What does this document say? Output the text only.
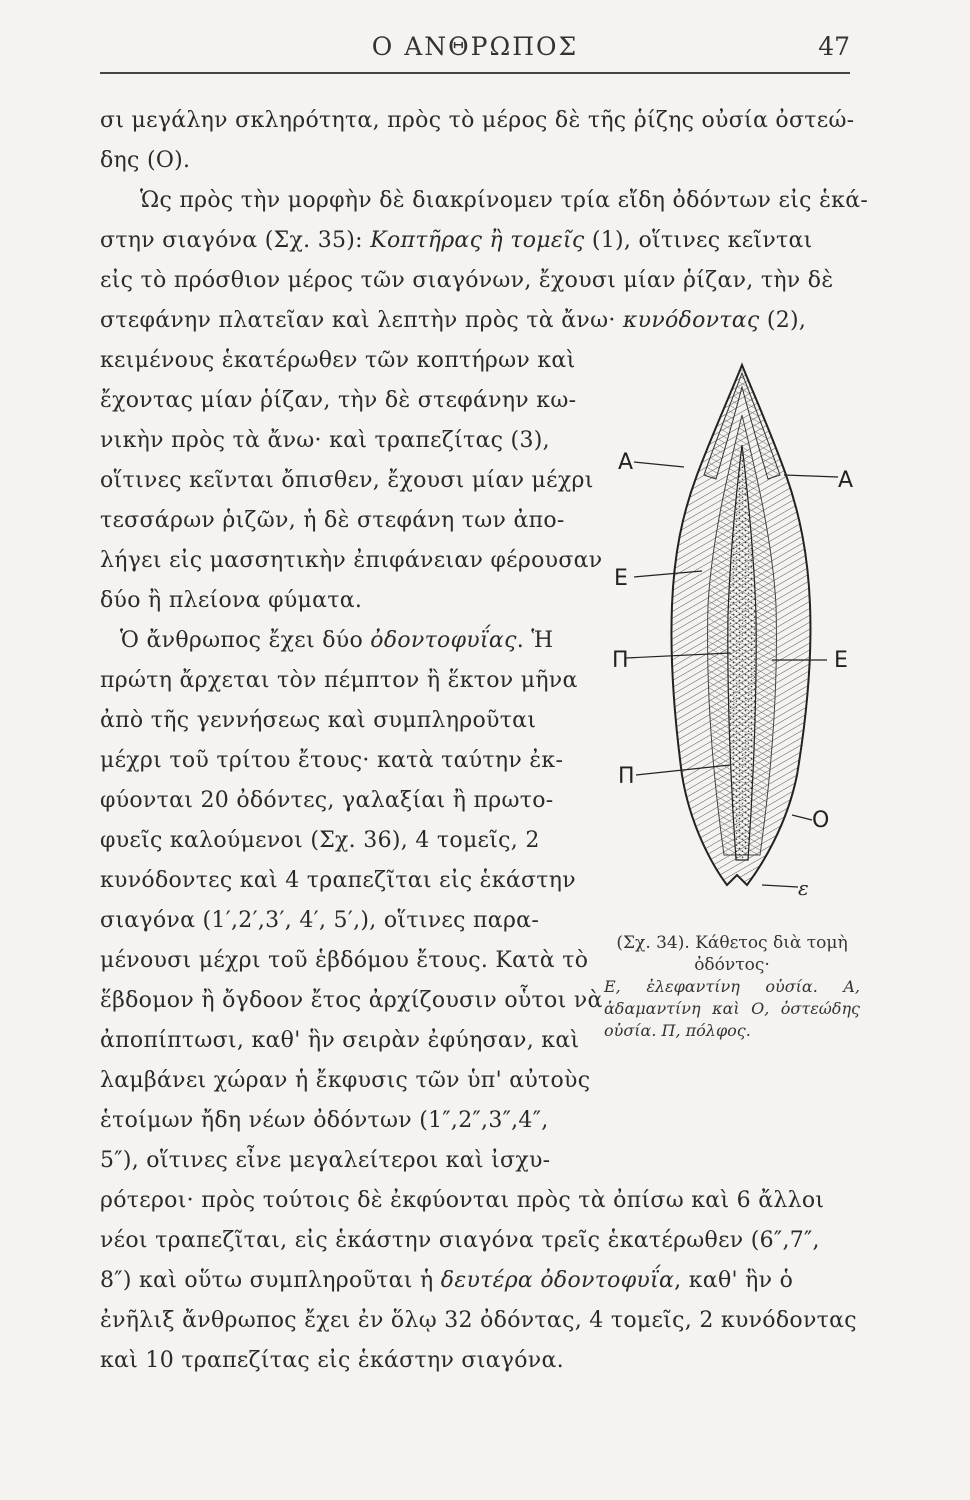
Ο ΑΝΘΡΩΠΟΣ	47
σι μεγάλην σκληρότητα, πρὸς τὸ μέρος δὲ τῆς ῥίζης οὐσία ὀστεώ-
δης (Ο).
Ὡς πρὸς τὴν μορφὴν δὲ διακρίνομεν τρία εἴδη ὀδόντων εἰς ἑκά-
στην σιαγόνα (Σχ. 35): Κοπτῆρας ἢ τομεῖς (1), οἵτινες κεῖνται
εἰς τὸ πρόσθιον μέρος τῶν σιαγόνων, ἔχουσι μίαν ῥίζαν, τὴν δὲ
στεφάνην πλατεῖαν καὶ λεπτὴν πρὸς τὰ ἄνω· κυνόδοντας (2),
κειμένους ἑκατέρωθεν τῶν κοπτήρων καὶ
ἔχοντας μίαν ῥίζαν, τὴν δὲ στεφάνην κω-
νικὴν πρὸς τὰ ἄνω· καὶ τραπεζίτας (3),
οἵτινες κεῖνται ὄπισθεν, ἔχουσι μίαν μέχρι
τεσσάρων ῥιζῶν, ἡ δὲ στεφάνη των ἀπο-
λήγει εἰς μασσητικὴν ἐπιφάνειαν φέρουσαν
δύο ἢ πλείονα φύματα.
Ὁ ἄνθρωπος ἔχει δύο ὀδοντοφυΐας. Ἡ
πρώτη ἄρχεται τὸν πέμπτον ἢ ἕκτον μῆνα
ἀπὸ τῆς γεννήσεως καὶ συμπληροῦται
μέχρι τοῦ τρίτου ἔτους· κατὰ ταύτην ἐκ-
φύονται 20 ὀδόντες, γαλαξίαι ἢ πρωτο-
φυεῖς καλούμενοι (Σχ. 36), 4 τομεῖς, 2
κυνόδοντες καὶ 4 τραπεζῖται εἰς ἑκάστην
σιαγόνα (1′,2′,3′, 4′, 5′,), οἵτινες παρα-
μένουσι μέχρι τοῦ ἑβδόμου ἔτους. Κατὰ τὸ
ἕβδομον ἢ ὄγδοον ἔτος ἀρχίζουσιν οὗτοι νὰ
ἀποπίπτωσι, καθ' ἣν σειρὰν ἐφύησαν, καὶ
λαμβάνει χώραν ἡ ἔκφυσις τῶν ὑπ' αὐτοὺς
ἑτοίμων ἤδη νέων ὀδόντων (1″,2″,3″,4″,
5″), οἵτινες εἶνε μεγαλείτεροι καὶ ἰσχυ-
ρότεροι· πρὸς τούτοις δὲ ἐκφύονται πρὸς τὰ ὀπίσω καὶ 6 ἄλλοι
νέοι τραπεζῖται, εἰς ἑκάστην σιαγόνα τρεῖς ἑκατέρωθεν (6″,7″,
8″) καὶ οὕτω συμπληροῦται ἡ δευτέρα ὀδοντοφυΐα, καθ' ἣν ὁ
ἐνῆλιξ ἄνθρωπος ἔχει ἐν ὅλῳ 32 ὀδόντας, 4 τομεῖς, 2 κυνόδοντας
καὶ 10 τραπεζίτας εἰς ἑκάστην σιαγόνα.
A
A
E
E
Π
Π
O
ε
(Σχ. 34). Κάθετος διὰ τομὴ ὀδόντος·
Ε, ἐλεφαντίνη οὐσία. Α, ἀδαμαντίνη καὶ Ο, ὀστεώδης οὐσία. Π, πόλφος.
